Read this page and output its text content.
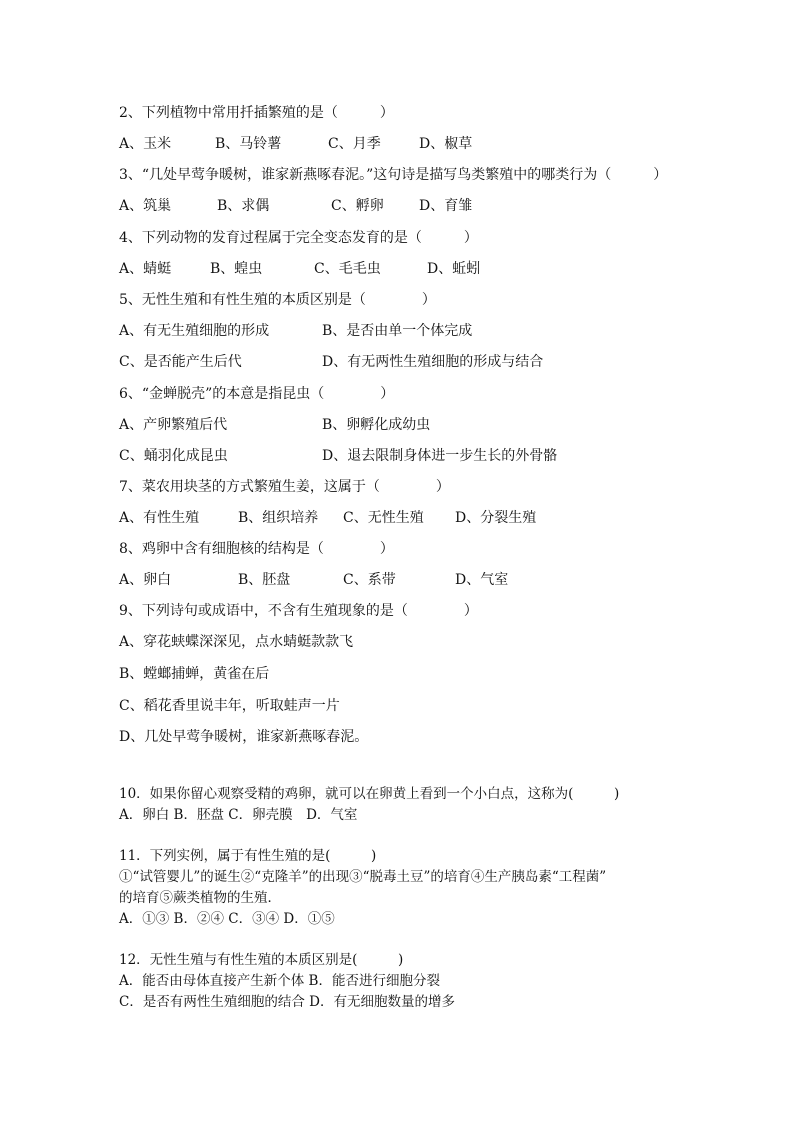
2、下列植物中常用扦插繁殖的是（　　　）
A、玉米	B、马铃薯	C、月季	D、椒草
3、“几处早莺争暖树，谁家新燕啄春泥。”这句诗是描写鸟类繁殖中的哪类行为（　　　）
A、筑巢	B、求偶	C、孵卵	D、育雏
4、下列动物的发育过程属于完全变态发育的是（　　　）
A、蜻蜓	B、蝗虫	C、毛毛虫	D、蚯蚓
5、无性生殖和有性生殖的本质区别是（　　　　）
A、有无生殖细胞的形成	B、是否由单一个体完成
C、是否能产生后代	D、有无两性生殖细胞的形成与结合
6、“金蝉脱壳”的本意是指昆虫（　　　　）
A、产卵繁殖后代	B、卵孵化成幼虫
C、蛹羽化成昆虫	D、退去限制身体进一步生长的外骨骼
7、菜农用块茎的方式繁殖生姜，这属于（　　　　）
A、有性生殖	B、组织培养 C、无性生殖 D、分裂生殖
8、鸡卵中含有细胞核的结构是（　　　　）
A、卵白	B、胚盘	C、系带	D、气室
9、下列诗句或成语中，不含有生殖现象的是（　　　　）
A、穿花蛱蝶深深见，点水蜻蜓款款飞
B、螳螂捕蝉，黄雀在后
C、稻花香里说丰年，听取蛙声一片
D、几处早莺争暖树，谁家新燕啄春泥。
10．如果你留心观察受精的鸡卵，就可以在卵黄上看到一个小白点，这称为(　　　)
A．卵白 B．胚盘 C．卵壳膜　D．气室
11．下列实例，属于有性生殖的是(　　　)
①“试管婴儿”的诞生②“克隆羊”的出现③“脱毒土豆”的培育④生产胰岛素“工程菌”
的培育⑤蕨类植物的生殖．
A．①③ B．②④ C．③④ D．①⑤
12．无性生殖与有性生殖的本质区别是(　　　)
A．能否由母体直接产生新个体 B．能否进行细胞分裂
C．是否有两性生殖细胞的结合 D．有无细胞数量的增多
